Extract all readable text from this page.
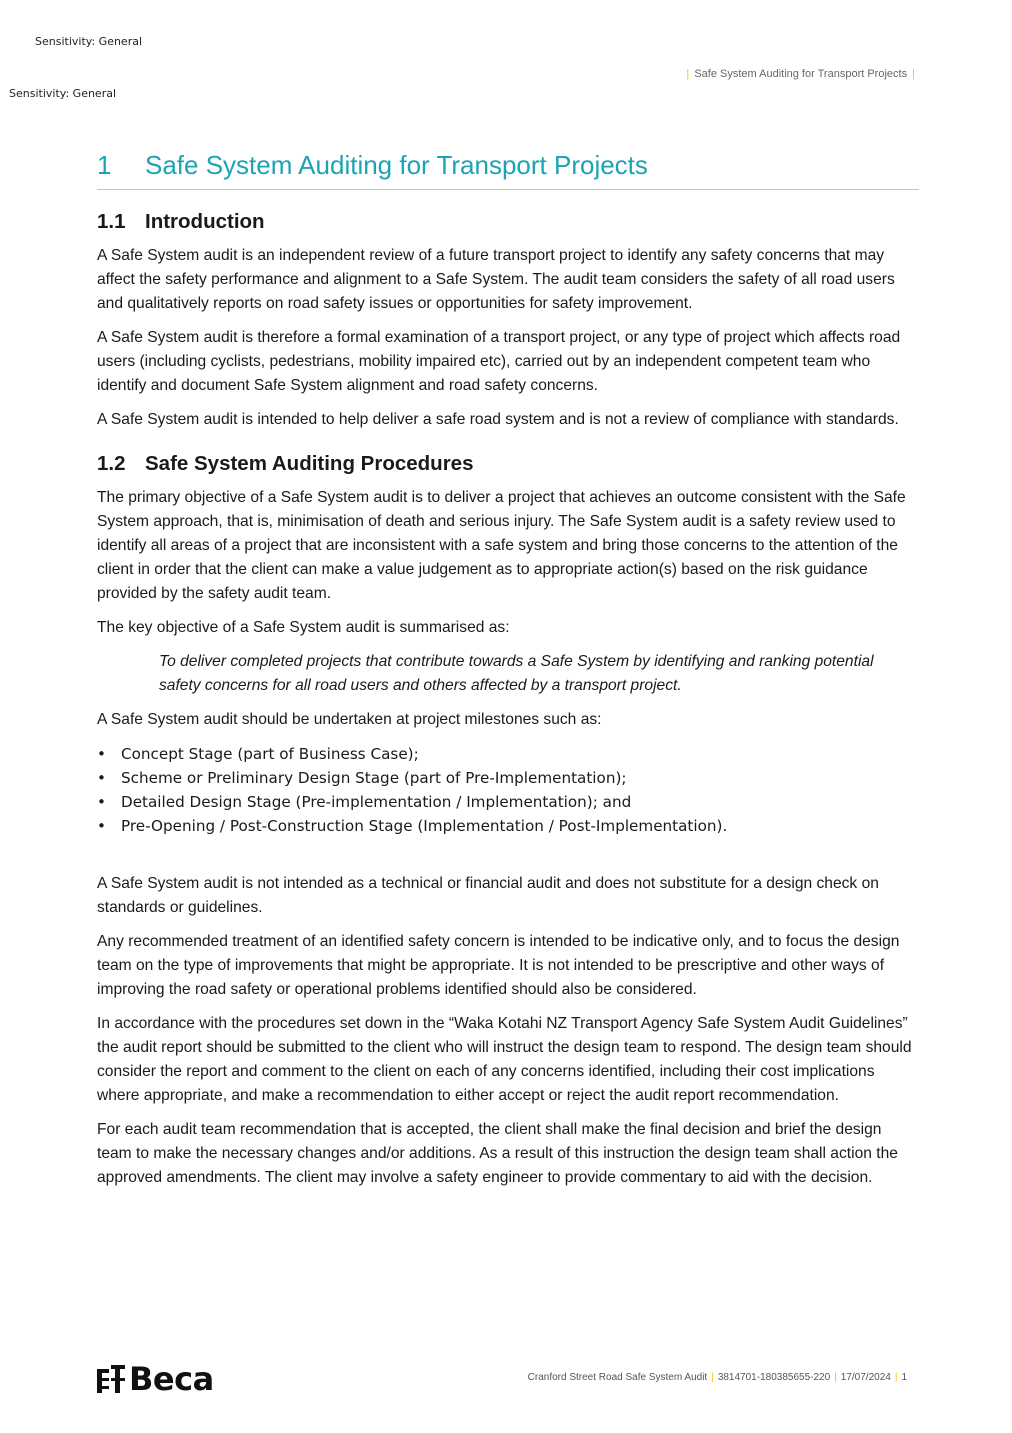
Sensitivity: General
Sensitivity: General
| Safe System Auditing for Transport Projects |
1	Safe System Auditing for Transport Projects
1.1 Introduction

A Safe System audit is an independent review of a future transport project to identify any safety concerns that may affect the safety performance and alignment to a Safe System. The audit team considers the safety of all road users and qualitatively reports on road safety issues or opportunities for safety improvement.

A Safe System audit is therefore a formal examination of a transport project, or any type of project which affects road users (including cyclists, pedestrians, mobility impaired etc), carried out by an independent competent team who identify and document Safe System alignment and road safety concerns.

A Safe System audit is intended to help deliver a safe road system and is not a review of compliance with standards.

1.2 Safe System Auditing Procedures

The primary objective of a Safe System audit is to deliver a project that achieves an outcome consistent with the Safe System approach, that is, minimisation of death and serious injury. The Safe System audit is a safety review used to identify all areas of a project that are inconsistent with a safe system and bring those concerns to the attention of the client in order that the client can make a value judgement as to appropriate action(s) based on the risk guidance provided by the safety audit team.

The key objective of a Safe System audit is summarised as:

To deliver completed projects that contribute towards a Safe System by identifying and ranking potential safety concerns for all road users and others affected by a transport project.

A Safe System audit should be undertaken at project milestones such as:

• Concept Stage (part of Business Case);
• Scheme or Preliminary Design Stage (part of Pre-Implementation);
• Detailed Design Stage (Pre-implementation / Implementation); and
• Pre-Opening / Post-Construction Stage (Implementation / Post-Implementation).

A Safe System audit is not intended as a technical or financial audit and does not substitute for a design check on standards or guidelines.

Any recommended treatment of an identified safety concern is intended to be indicative only, and to focus the design team on the type of improvements that might be appropriate. It is not intended to be prescriptive and other ways of improving the road safety or operational problems identified should also be considered.

In accordance with the procedures set down in the “Waka Kotahi NZ Transport Agency Safe System Audit Guidelines” the audit report should be submitted to the client who will instruct the design team to respond. The design team should consider the report and comment to the client on each of any concerns identified, including their cost implications where appropriate, and make a recommendation to either accept or reject the audit report recommendation.

For each audit team recommendation that is accepted, the client shall make the final decision and brief the design team to make the necessary changes and/or additions. As a result of this instruction the design team shall action the approved amendments. The client may involve a safety engineer to provide commentary to aid with the decision.

Beca	Cranford Street Road Safe System Audit | 3814701-180385655-220 | 17/07/2024 | 1
